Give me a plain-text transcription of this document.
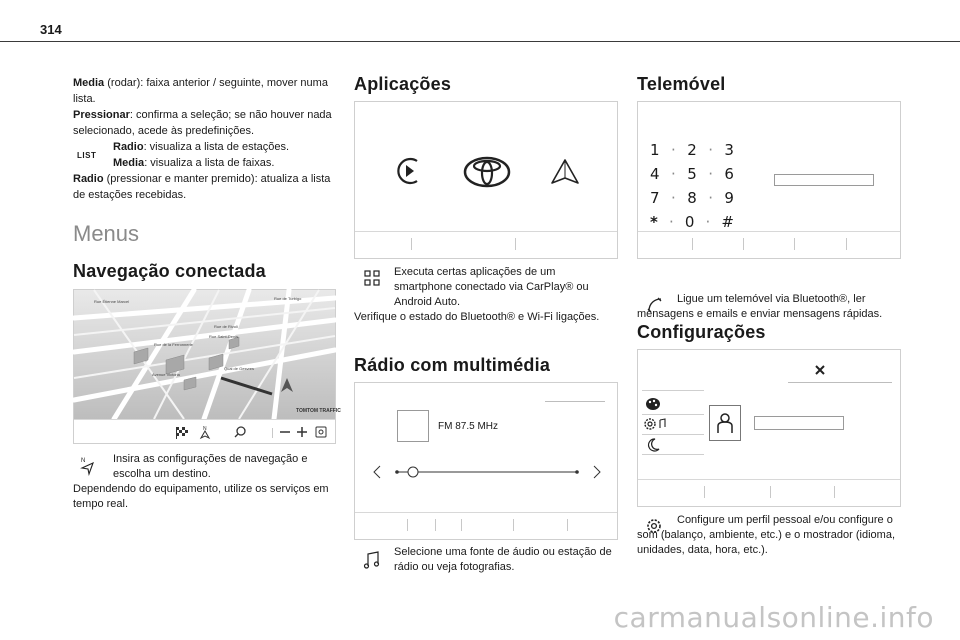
314

Media (rodar): faixa anterior / seguinte, mover numa lista.
Pressionar: confirma a seleção; se não houver nada selecionado, acede às predefinições.

Radio: visualiza a lista de estações.
Media: visualiza a lista de faixas.
Radio (pressionar e manter premido): atualiza a lista de estações recebidas.

LIST
Menus
Navegação conectada
Rue Étienne Marcel
Rue de Turbigo
Rue de Rivoli
Rue de la Ferronnerie
Quai de Gesvres
Rue Saint-Denis
Avenue Victoria
TOMTOM TRAFFIC
N
N	Insira as configurações de navegação e escolha um destino.
Dependendo do equipamento, utilize os serviços em tempo real.

Aplicações

Executa certas aplicações de um smartphone conectado via CarPlay® ou Android Auto.
Verifique o estado do Bluetooth® e Wi-Fi ligações.

Rádio com multimédia
FM 87.5 MHz

Selecione uma fonte de áudio ou estação de rádio ou veja fotografias.

Telemóvel
1 · 2 · 3
4 · 5 · 6
7 · 8 · 9
* · 0 · #

Ligue um telemóvel via Bluetooth®, ler mensagens e emails e enviar mensagens rápidas.

Configurações

Configure um perfil pessoal e/ou configure o som (balanço, ambiente, etc.) e o mostrador (idioma, unidades, data, hora, etc.).

carmanualsonline.info
